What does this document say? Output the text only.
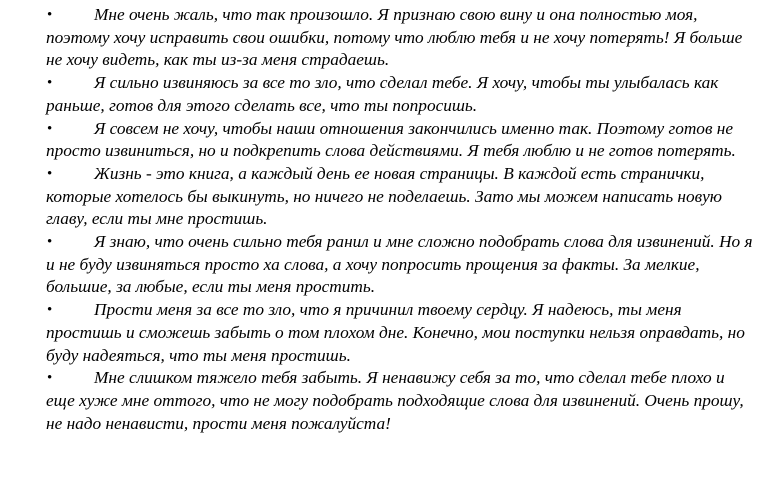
•	Мне очень жаль, что так произошло. Я признаю свою вину и она полностью моя, поэтому хочу исправить свои ошибки, потому что люблю тебя и не хочу потерять! Я больше не хочу видеть, как ты из-за меня страдаешь.
•	Я сильно извиняюсь за все то зло, что сделал тебе. Я хочу, чтобы ты улыбалась как раньше, готов для этого сделать все, что ты попросишь.
•	Я совсем не хочу, чтобы наши отношения закончились именно так. Поэтому готов не просто извиниться, но и подкрепить слова действиями. Я тебя люблю и не готов потерять.
•	Жизнь - это книга, а каждый день ее новая страницы. В каждой есть странички, которые хотелось бы выкинуть, но ничего не поделаешь. Зато мы можем написать новую главу, если ты мне простишь.
•	Я знаю, что очень сильно тебя ранил и мне сложно подобрать слова для извинений. Но я и не буду извиняться просто ха слова, а хочу попросить прощения за факты. За мелкие, большие, за любые, если ты меня простить.
•	Прости меня за все то зло, что я причинил твоему сердцу. Я надеюсь, ты меня простишь и сможешь забыть о том плохом дне. Конечно, мои поступки нельзя оправдать, но буду надеяться, что ты меня простишь.
•	Мне слишком тяжело тебя забыть. Я ненавижу себя за то, что сделал тебе плохо и еще хуже мне оттого, что не могу подобрать подходящие слова для извинений. Очень прошу, не надо ненависти, прости меня пожалуйста!
